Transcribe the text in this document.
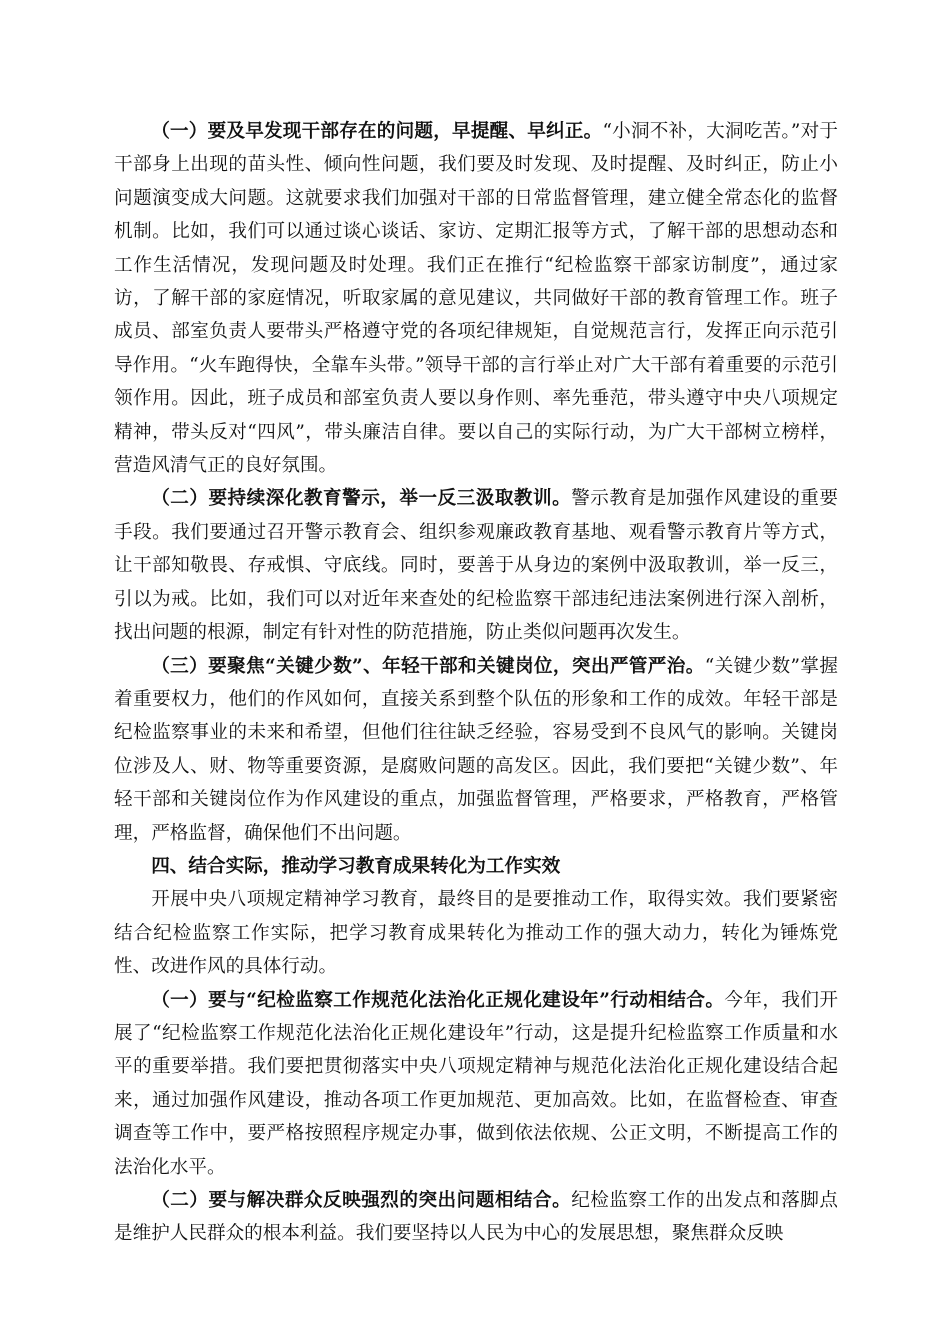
（一）要及早发现干部存在的问题，早提醒、早纠正。“小洞不补，大洞吃苦。”对于干部身上出现的苗头性、倾向性问题，我们要及时发现、及时提醒、及时纠正，防止小问题演变成大问题。这就要求我们加强对干部的日常监督管理，建立健全常态化的监督机制。比如，我们可以通过谈心谈话、家访、定期汇报等方式，了解干部的思想动态和工作生活情况，发现问题及时处理。我们正在推行“纪检监察干部家访制度”，通过家访，了解干部的家庭情况，听取家属的意见建议，共同做好干部的教育管理工作。班子成员、部室负责人要带头严格遵守党的各项纪律规矩，自觉规范言行，发挥正向示范引导作用。“火车跑得快，全靠车头带。”领导干部的言行举止对广大干部有着重要的示范引领作用。因此，班子成员和部室负责人要以身作则、率先垂范，带头遵守中央八项规定精神，带头反对“四风”，带头廉洁自律。要以自己的实际行动，为广大干部树立榜样，营造风清气正的良好氛围。

（二）要持续深化教育警示，举一反三汲取教训。警示教育是加强作风建设的重要手段。我们要通过召开警示教育会、组织参观廉政教育基地、观看警示教育片等方式，让干部知敬畏、存戒惧、守底线。同时，要善于从身边的案例中汲取教训，举一反三，引以为戒。比如，我们可以对近年来查处的纪检监察干部违纪违法案例进行深入剖析，找出问题的根源，制定有针对性的防范措施，防止类似问题再次发生。

（三）要聚焦“关键少数”、年轻干部和关键岗位，突出严管严治。“关键少数”掌握着重要权力，他们的作风如何，直接关系到整个队伍的形象和工作的成效。年轻干部是纪检监察事业的未来和希望，但他们往往缺乏经验，容易受到不良风气的影响。关键岗位涉及人、财、物等重要资源，是腐败问题的高发区。因此，我们要把“关键少数”、年轻干部和关键岗位作为作风建设的重点，加强监督管理，严格要求，严格教育，严格管理，严格监督，确保他们不出问题。

四、结合实际，推动学习教育成果转化为工作实效

开展中央八项规定精神学习教育，最终目的是要推动工作，取得实效。我们要紧密结合纪检监察工作实际，把学习教育成果转化为推动工作的强大动力，转化为锤炼党性、改进作风的具体行动。

（一）要与“纪检监察工作规范化法治化正规化建设年”行动相结合。今年，我们开展了“纪检监察工作规范化法治化正规化建设年”行动，这是提升纪检监察工作质量和水平的重要举措。我们要把贯彻落实中央八项规定精神与规范化法治化正规化建设结合起来，通过加强作风建设，推动各项工作更加规范、更加高效。比如，在监督检查、审查调查等工作中，要严格按照程序规定办事，做到依法依规、公正文明，不断提高工作的法治化水平。

（二）要与解决群众反映强烈的突出问题相结合。纪检监察工作的出发点和落脚点是维护人民群众的根本利益。我们要坚持以人民为中心的发展思想，聚焦群众反映
